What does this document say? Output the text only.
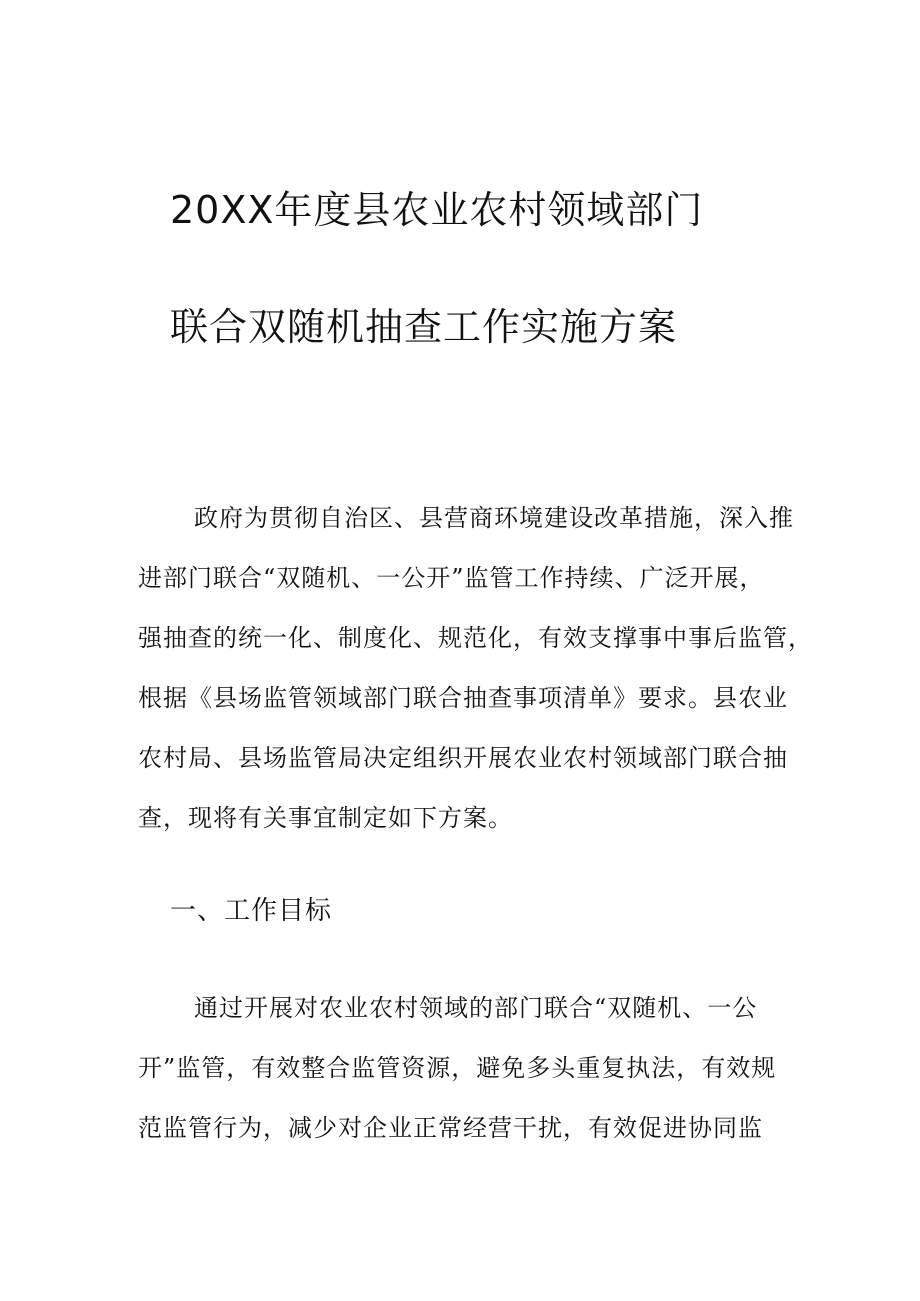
20XX年度县农业农村领域部门
联合双随机抽查工作实施方案
政府为贯彻自治区、县营商环境建设改革措施，深入推
进部门联合“双随机、一公开”监管工作持续、广泛开展，
强抽查的统一化、制度化、规范化，有效支撑事中事后监管，
根据《县场监管领域部门联合抽查事项清单》要求。县农业
农村局、县场监管局决定组织开展农业农村领域部门联合抽
查，现将有关事宜制定如下方案。
一、工作目标
通过开展对农业农村领域的部门联合“双随机、一公
开”监管，有效整合监管资源，避免多头重复执法，有效规
范监管行为，减少对企业正常经营干扰，有效促进协同监
